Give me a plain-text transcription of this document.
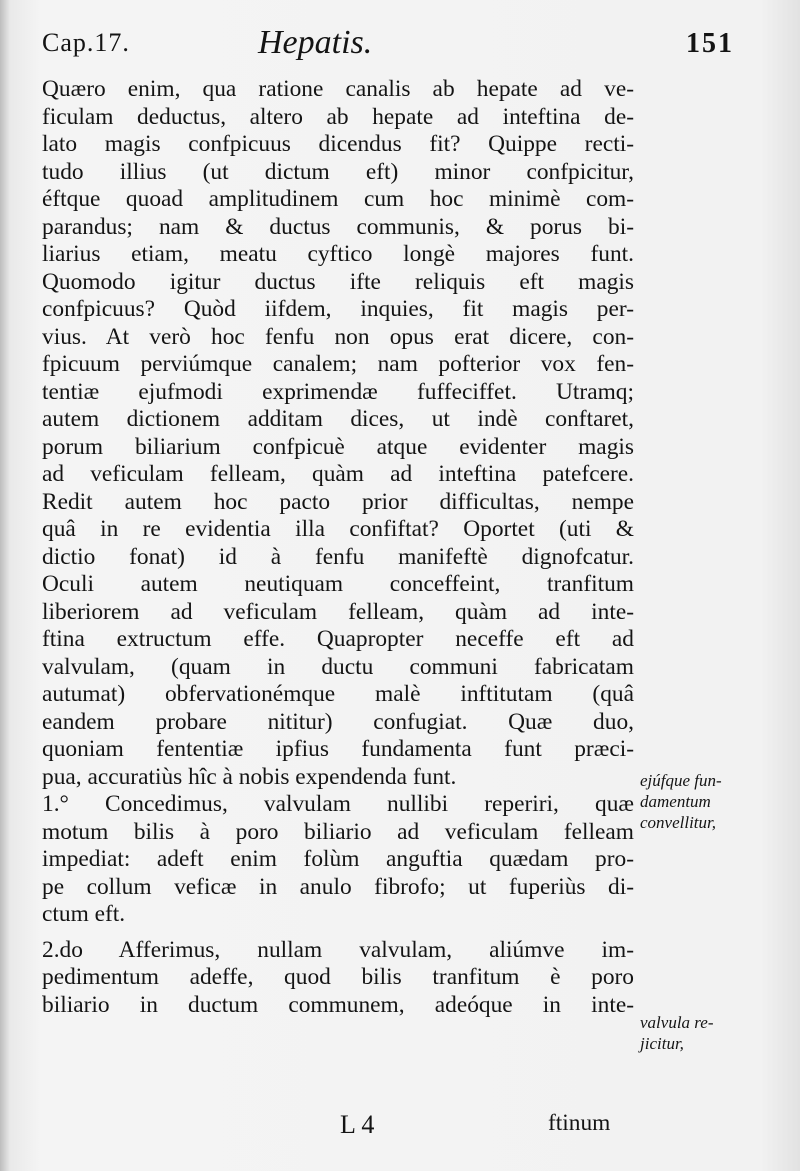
Cap.17.	Hepatis.	151
Quæro enim, qua ratione canalis ab hepate ad ve-
ficulam deductus, altero ab hepate ad inteftina de-
lato magis confpicuus dicendus fit? Quippe recti-
tudo illius (ut dictum eft) minor confpicitur,
éftque quoad amplitudinem cum hoc minimè com-
parandus; nam & ductus communis, & porus bi-
liarius etiam, meatu cyftico longè majores funt.
Quomodo igitur ductus ifte reliquis eft magis
confpicuus? Quòd iifdem, inquies, fit magis per-
vius. At verò hoc fenfu non opus erat dicere, con-
fpicuum perviúmque canalem; nam pofterior vox fen-
tentiæ ejufmodi exprimendæ fuffeciffet. Utramq;
autem dictionem additam dices, ut indè conftaret,
porum biliarium confpicuè atque evidenter magis
ad veficulam felleam, quàm ad inteftina patefcere.
Redit autem hoc pacto prior difficultas, nempe
quâ in re evidentia illa confiftat? Oportet (uti &
dictio fonat) id à fenfu manifeftè dignofcatur.
Oculi autem neutiquam conceffeint, tranfitum
liberiorem ad veficulam felleam, quàm ad inte-
ftina extructum effe. Quapropter neceffe eft ad
valvulam, (quam in ductu communi fabricatam
autumat) obfervationémque malè inftitutam (quâ
eandem probare nititur) confugiat. Quæ duo,
quoniam fententiæ ipfius fundamenta funt præci-
pua, accuratiùs hîc à nobis expendenda funt.
1.° Concedimus, valvulam nullibi reperiri, quæ
motum bilis à poro biliario ad veficulam felleam
impediat: adeft enim folùm anguftia quædam pro-
pe collum veficæ in anulo fibrofo; ut fuperiùs di-
ctum eft.
2.do Afferimus, nullam valvulam, aliúmve im-
pedimentum adeffe, quod bilis tranfitum è poro
biliario in ductum communem, adeóque in inte-
ejúfque fun-
damentum
convellitur,
valvula re-
jicitur,
L 4	ftinum
